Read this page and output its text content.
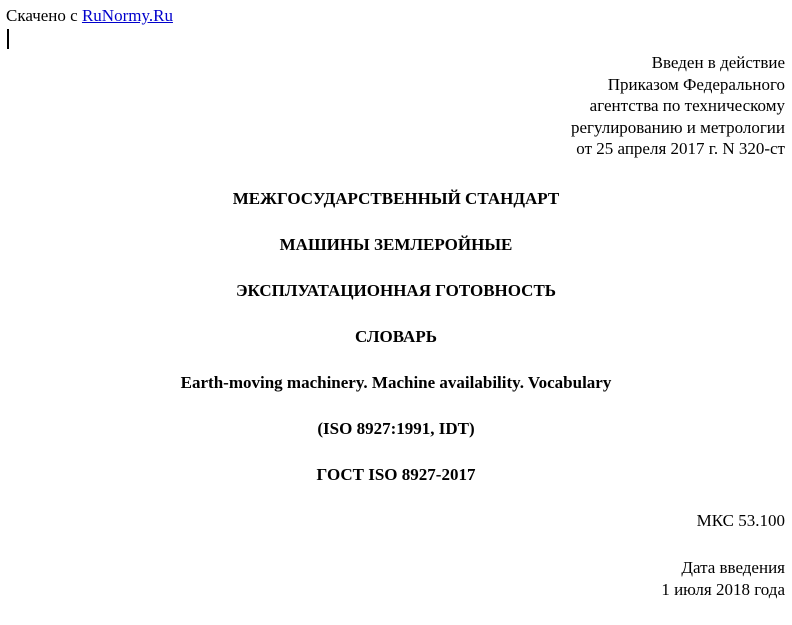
Скачено с RuNormy.Ru
Введен в действие
Приказом Федерального
агентства по техническому
регулированию и метрологии
от 25 апреля 2017 г. N 320-ст
МЕЖГОСУДАРСТВЕННЫЙ СТАНДАРТ
МАШИНЫ ЗЕМЛЕРОЙНЫЕ
ЭКСПЛУАТАЦИОННАЯ ГОТОВНОСТЬ
СЛОВАРЬ
Earth-moving machinery. Machine availability. Vocabulary
(ISO 8927:1991, IDT)
ГОСТ ISO 8927-2017
МКС 53.100
Дата введения
1 июля 2018 года
